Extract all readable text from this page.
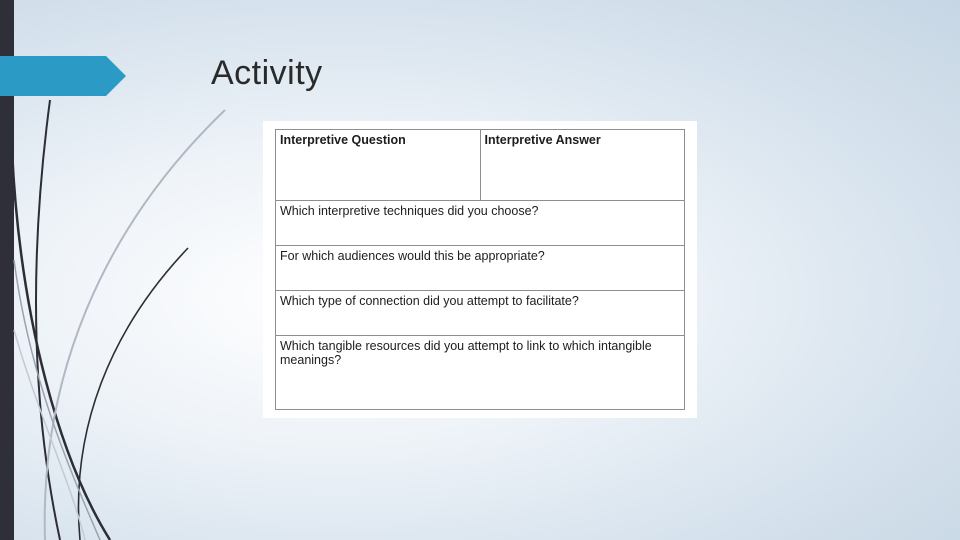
Activity
Interpretive Question	Interpretive Answer
Which interpretive techniques did you choose?
For which audiences would this be appropriate?
Which type of connection did you attempt to facilitate?
Which tangible resources did you attempt to link to which intangible meanings?
